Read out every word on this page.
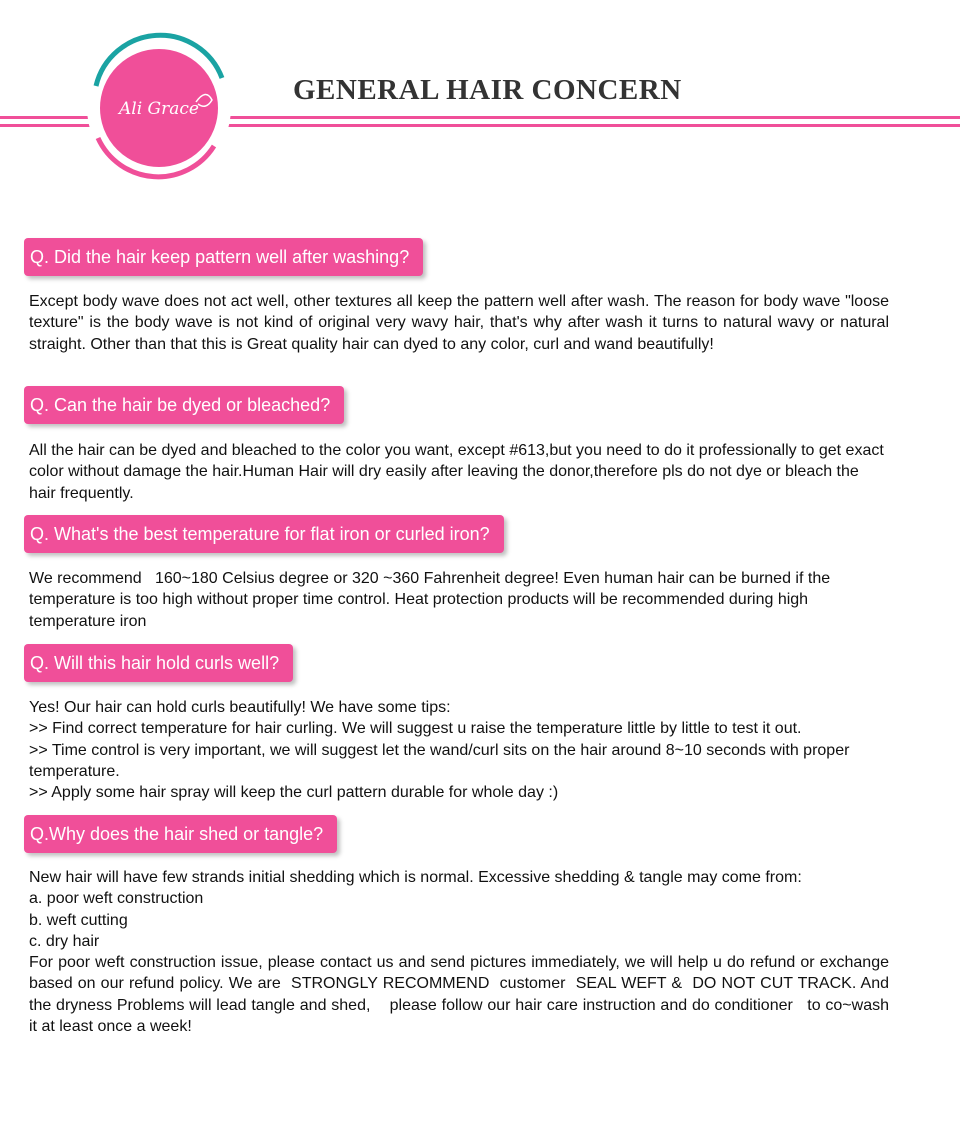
Ali Grace
GENERAL HAIR CONCERN
Q. Did the hair keep pattern well after washing?

Except body wave does not act well, other textures all keep the pattern well after wash. The reason for body wave "loose texture" is the body wave is not kind of original very wavy hair, that's why after wash it turns to natural wavy or natural straight. Other than that this is Great quality hair can dyed to any color, curl and wand beautifully!

Q. Can the hair be dyed or bleached?

All the hair can be dyed and bleached to the color you want, except #613,but you need to do it professionally to get exact color without damage the hair.Human Hair will dry easily after leaving the donor,therefore pls do not dye or bleach the hair frequently.

Q. What's the best temperature for flat iron or curled iron?

We recommend   160~180 Celsius degree or 320 ~360 Fahrenheit degree! Even human hair can be burned if the temperature is too high without proper time control. Heat protection products will be recommended during high temperature iron

Q. Will this hair hold curls well?

Yes! Our hair can hold curls beautifully! We have some tips:

>> Find correct temperature for hair curling. We will suggest u raise the temperature little by little to test it out.

>> Time control is very important, we will suggest let the wand/curl sits on the hair around 8~10 seconds with proper temperature.

>> Apply some hair spray will keep the curl pattern durable for whole day :)

Q.Why does the hair shed or tangle?

New hair will have few strands initial shedding which is normal. Excessive shedding & tangle may come from:

a. poor weft construction

b. weft cutting

c. dry hair

For poor weft construction issue, please contact us and send pictures immediately, we will help u do refund or exchange based on our refund policy. We are  STRONGLY RECOMMEND  customer  SEAL WEFT &  DO NOT CUT TRACK. And the dryness Problems will lead tangle and shed,    please follow our hair care instruction and do conditioner   to co~wash it at least once a week!
